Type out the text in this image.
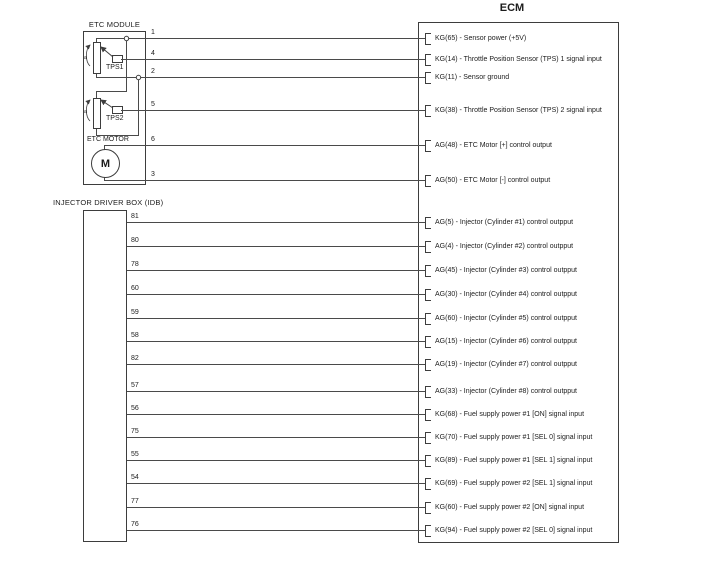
ECM
ETC MODULE
TPS1
TPS2
ETC MOTOR
M
INJECTOR DRIVER BOX (IDB)
1
KG(65) - Sensor power (+5V)
4
KG(14) - Throttle Position Sensor (TPS) 1 signal input
2
KG(11) - Sensor ground
5
KG(38) - Throttle Position Sensor (TPS) 2 signal input
6
AG(48) - ETC Motor [+] control output
3
AG(50) - ETC Motor [-] control output
81
AG(5) - Injector (Cylinder #1) control outpput
80
AG(4) - Injector (Cylinder #2) control outpput
78
AG(45) - Injector (Cylinder #3) control outpput
60
AG(30) - Injector (Cylinder #4) control outpput
59
AG(60) - Injector (Cylinder #5) control outpput
58
AG(15) - Injector (Cylinder #6) control outpput
82
AG(19) - Injector (Cylinder #7) control outpput
57
AG(33) - Injector (Cylinder #8) control outpput
56
KG(68) - Fuel supply power #1 [ON] signal input
75
KG(70) - Fuel supply power #1 [SEL 0] signal input
55
KG(89) - Fuel supply power #1 [SEL 1] signal input
54
KG(69) - Fuel supply power #2 [SEL 1] signal input
77
KG(60) - Fuel supply power #2 [ON] signal input
76
KG(94) - Fuel supply power #2 [SEL 0] signal input
a
a
